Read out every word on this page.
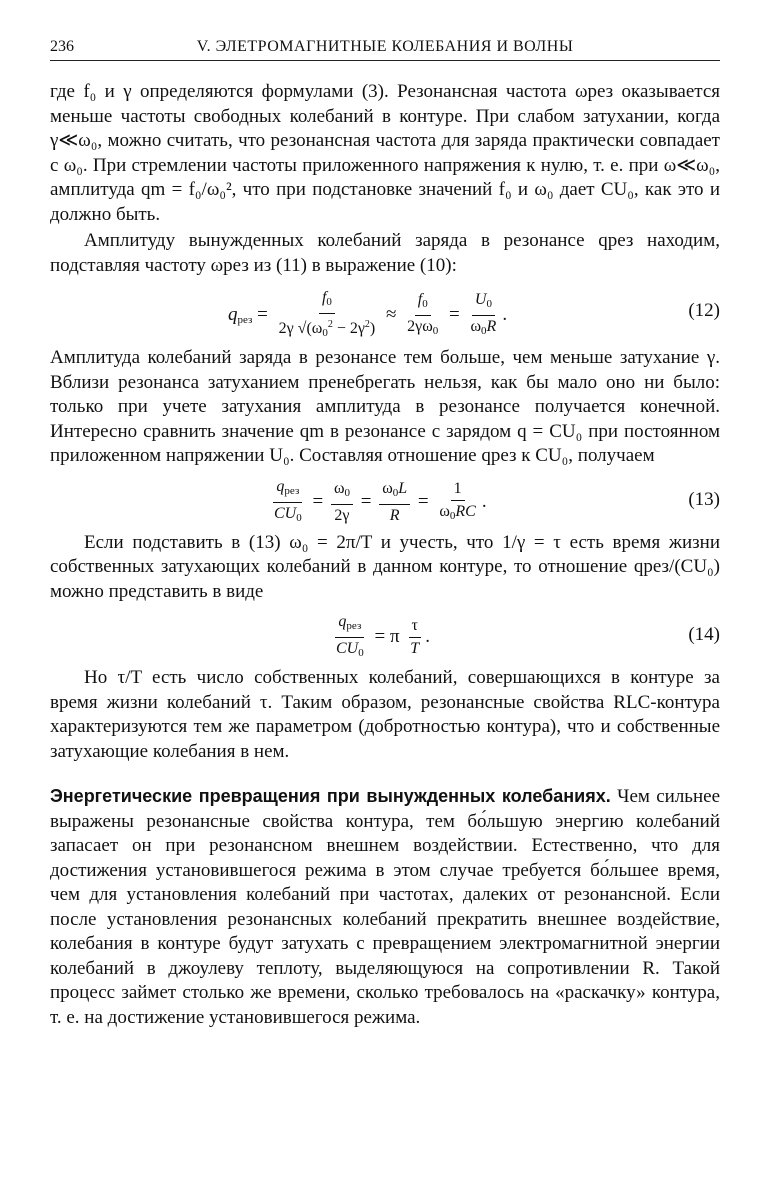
236	V. ЭЛЕТРОМАГНИТНЫЕ КОЛЕБАНИЯ И ВОЛНЫ

где f₀ и γ определяются формулами (3). Резонансная частота ωрез оказывается меньше частоты свободных колебаний в контуре. При слабом затухании, когда γ≪ω₀, можно считать, что резонансная частота для заряда практически совпадает с ω₀. При стремлении частоты приложенного напряжения к нулю, т. е. при ω≪ω₀, амплитуда qm = f₀/ω₀², что при подстановке значений f₀ и ω₀ дает CU₀, как это и должно быть.

Амплитуду вынужденных колебаний заряда в резонансе qрез находим, подставляя частоту ωрез из (11) в выражение (10):

qрез = $\frac{f0}{2\gamma √(\omega 0^2 - 2\gamma^2)} \approx \frac{f0}{2\gamma\omega 0} = \frac{U0}{\omega 0R}$ .	(12)

Амплитуда колебаний заряда в резонансе тем больше, чем меньше затухание γ. Вблизи резонанса затуханием пренебрегать нельзя, как бы мало оно ни было: только при учете затухания амплитуда в резонансе получается конечной. Интересно сравнить значение qm в резонансе с зарядом q = CU₀ при постоянном приложенном напряжении U₀. Составляя отношение qрез к CU₀, получаем

$\frac{\text{qрез}}{CU0} = \frac{\omega 0}{2\gamma} = \frac{\omega 0L}{R} = \frac{1}{\omega 0RC}$ .	(13)

Если подставить в (13) ω₀ = 2π/T и учесть, что 1/γ = τ есть время жизни собственных затухающих колебаний в данном контуре, то отношение qрез/(CU₀) можно представить в виде

$\frac{\text{qрез}}{CU0} = \pi \frac{\tau}{T}$ .	(14)

Но τ/T есть число собственных колебаний, совершающихся в контуре за время жизни колебаний τ. Таким образом, резонансные свойства RLC-контура характеризуются тем же параметром (добротностью контура), что и собственные затухающие колебания в нем.

Энергетические превращения при вынужденных колебаниях. Чем сильнее выражены резонансные свойства контура, тем бо́льшую энергию колебаний запасает он при резонансном внешнем воздействии. Естественно, что для достижения установившегося режима в этом случае требуется бо́льшее время, чем для установления колебаний при частотах, далеких от резонансной. Если после установления резонансных колебаний прекратить внешнее воздействие, колебания в контуре будут затухать с превращением электромагнитной энергии колебаний в джоулеву теплоту, выделяющуюся на сопротивлении R. Такой процесс займет столько же времени, сколько требовалось на «раскачку» контура, т. е. на достижение установившегося режима.
